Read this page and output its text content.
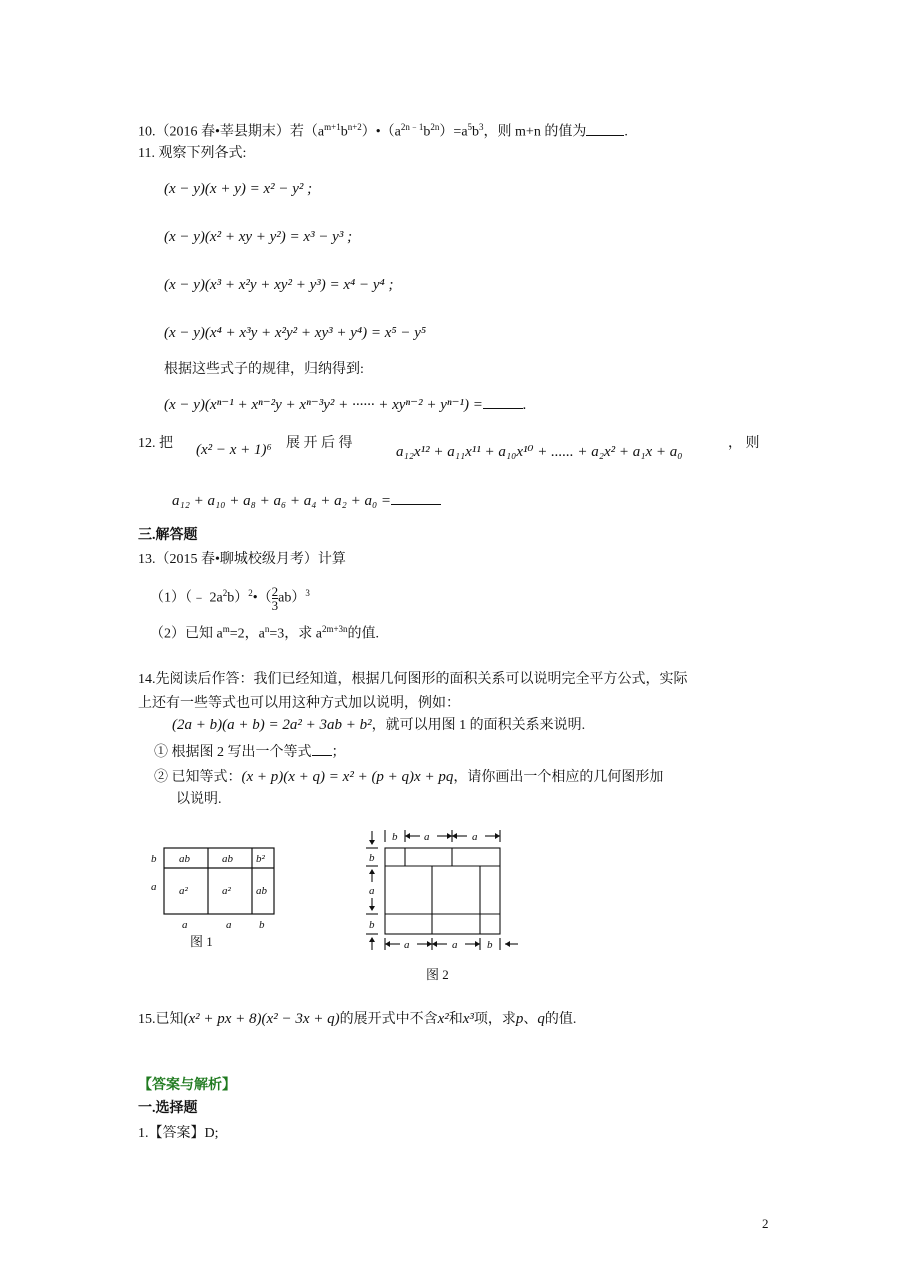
10.（2016 春•莘县期末）若$(a^{m+1}b^{n+2})•(a^{2n﹣1}b^{2n})=a^5b^3$，则 m+n 的值为	.
11. 观察下列各式:
(x − y)(x + y) = x² − y² ;
(x − y)(x² + xy + y²) = x³ − y³ ;
(x − y)(x³ + x²y + xy² + y³) = x⁴ − y⁴ ;
(x − y)(x⁴ + x³y + x²y² + xy³ + y⁴) = x⁵ − y⁵
根据这些式子的规律，归纳得到:
(x − y)(xⁿ⁻¹ + xⁿ⁻²y + xⁿ⁻³y² + ······ + xyⁿ⁻² + yⁿ⁻¹) =	.
12. 把 (x² − x + 1)⁶ 展 开 后 得
a₁₂x¹² + a₁₁x¹¹ + a₁₀x¹⁰ + ...... + a₂x² + a₁x + a₀
， 则
a₁₂ + a₁₀ + a₈ + a₆ + a₄ + a₂ + a₀ =
三.解答题
13.（2015 春•聊城校级月考）计算
（1）（﹣ $2a^2b)^2•( \frac{2}{3} ab)^3$
（2）已知 $a^m=2$，$a^n=3$，求 $a^{2m+3n}$的值.
14.先阅读后作答：我们已经知道，根据几何图形的面积关系可以说明完全平方公式，实际
上还有一些等式也可以用这种方式加以说明，例如：
(2a + b)(a + b) = 2a² + 3ab + b²，就可以用图 1 的面积关系来说明.
① 根据图 2 写出一个等式 ；
② 已知等式：(x + p)(x + q) = x² + (p + q)x + pq，请你画出一个相应的几何图形加
以说明.
ab	ab b²
a²	a² ab
b
a
a	a	b
图 1
b a	a
b
a
b
a	a	b
图 2
15.已知(x² + px + 8)(x² − 3x + q)的展开式中不含x²和x³项，求p、q的值.
【答案与解析】
一.选择题
1.【答案】D;
2
